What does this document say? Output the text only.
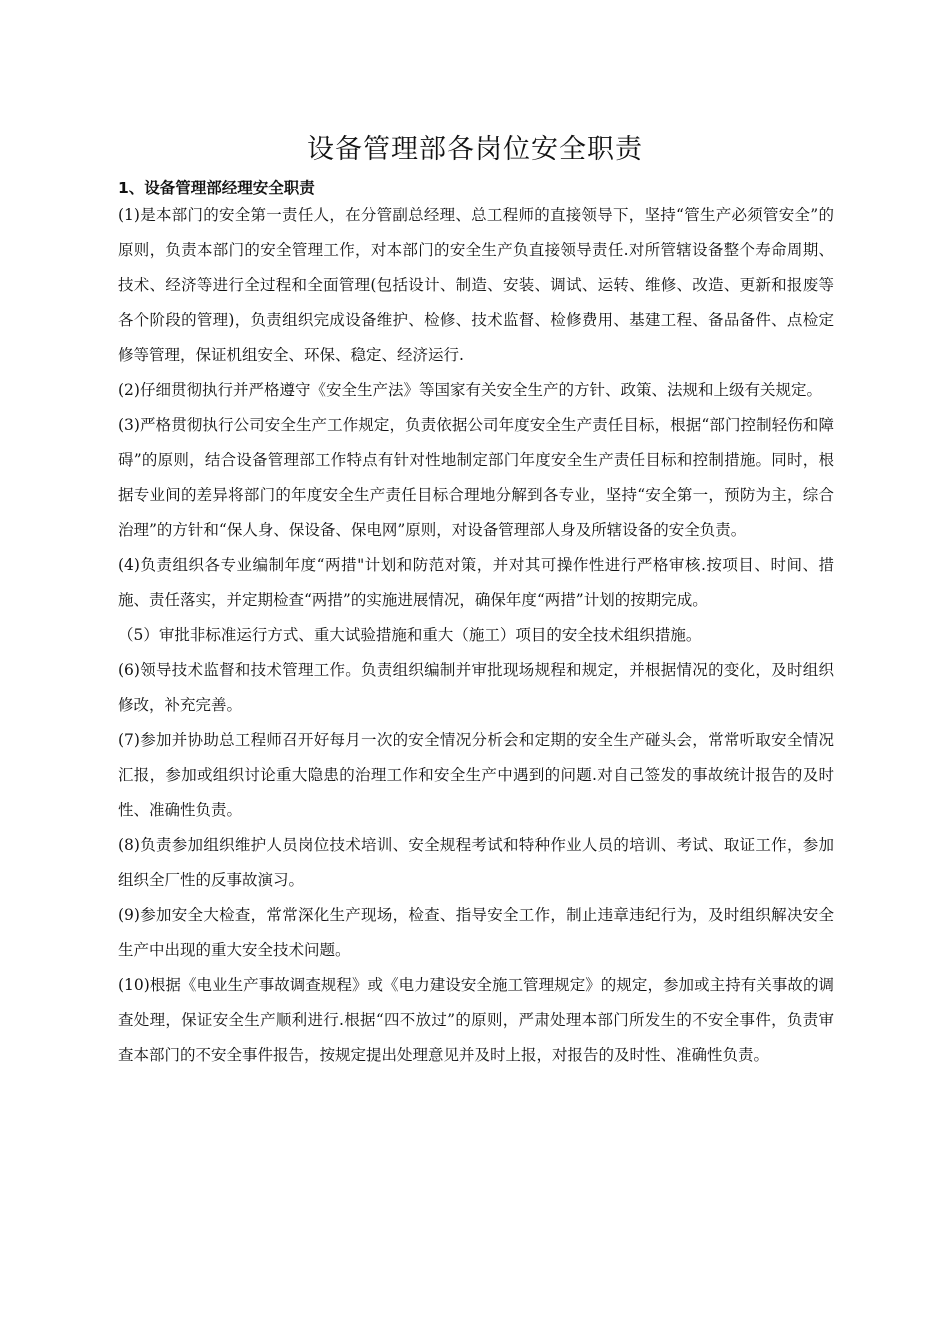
设备管理部各岗位安全职责
1、设备管理部经理安全职责

(1)是本部门的安全第一责任人，在分管副总经理、总工程师的直接领导下，坚持“管生产必须管安全”的原则，负责本部门的安全管理工作，对本部门的安全生产负直接领导责任.对所管辖设备整个寿命周期、技术、经济等进行全过程和全面管理(包括设计、制造、安装、调试、运转、维修、改造、更新和报废等各个阶段的管理)，负责组织完成设备维护、检修、技术监督、检修费用、基建工程、备品备件、点检定修等管理，保证机组安全、环保、稳定、经济运行.

(2)仔细贯彻执行并严格遵守《安全生产法》等国家有关安全生产的方针、政策、法规和上级有关规定。

(3)严格贯彻执行公司安全生产工作规定，负责依据公司年度安全生产责任目标，根据“部门控制轻伤和障碍”的原则，结合设备管理部工作特点有针对性地制定部门年度安全生产责任目标和控制措施。同时，根据专业间的差异将部门的年度安全生产责任目标合理地分解到各专业，坚持“安全第一，预防为主，综合治理”的方针和“保人身、保设备、保电网”原则，对设备管理部人身及所辖设备的安全负责。

(4)负责组织各专业编制年度“两措"计划和防范对策，并对其可操作性进行严格审核.按项目、时间、措施、责任落实，并定期检查“两措”的实施进展情况，确保年度“两措”计划的按期完成。

（5）审批非标准运行方式、重大试验措施和重大（施工）项目的安全技术组织措施。

(6)领导技术监督和技术管理工作。负责组织编制并审批现场规程和规定，并根据情况的变化，及时组织修改，补充完善。

(7)参加并协助总工程师召开好每月一次的安全情况分析会和定期的安全生产碰头会，常常听取安全情况汇报，参加或组织讨论重大隐患的治理工作和安全生产中遇到的问题.对自己签发的事故统计报告的及时性、准确性负责。

(8)负责参加组织维护人员岗位技术培训、安全规程考试和特种作业人员的培训、考试、取证工作，参加组织全厂性的反事故演习。

(9)参加安全大检查，常常深化生产现场，检查、指导安全工作，制止违章违纪行为，及时组织解决安全生产中出现的重大安全技术问题。

(10)根据《电业生产事故调查规程》或《电力建设安全施工管理规定》的规定，参加或主持有关事故的调查处理，保证安全生产顺利进行.根据“四不放过”的原则，严肃处理本部门所发生的不安全事件，负责审查本部门的不安全事件报告，按规定提出处理意见并及时上报，对报告的及时性、准确性负责。
